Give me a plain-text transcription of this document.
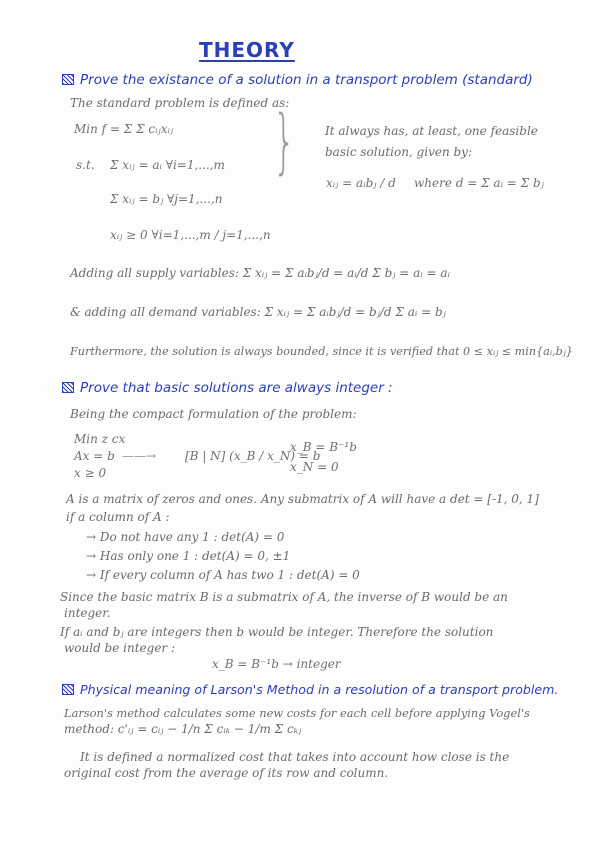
THEORY
Prove the existance of a solution in a transport problem (standard)
The standard problem is defined as:
Min f = Σ Σ cᵢⱼxᵢⱼ
s.t. Σ xᵢⱼ = aᵢ ∀i=1,...,m
Σ xᵢⱼ = bⱼ ∀j=1,...,n
xᵢⱼ ≥ 0 ∀i=1,...,m / j=1,...,n
} It always has, at least, one feasible
basic solution, given by:
xᵢⱼ = aᵢbⱼ / d where d = Σ aᵢ = Σ bⱼ
Adding all supply variables: Σ xᵢⱼ = Σ aᵢbⱼ/d = aᵢ/d Σ bⱼ = aᵢ = aᵢ
& adding all demand variables: Σ xᵢⱼ = Σ aᵢbⱼ/d = bⱼ/d Σ aᵢ = bⱼ
Furthermore, the solution is always bounded, since it is verified that 0 ≤ xᵢⱼ ≤ min{aᵢ,bⱼ}
Prove that basic solutions are always integer :
Being the compact formulation of the problem:
Min z cx
Ax = b
x ≥ 0
——→ [B | N] (x_B / x_N) = b
x_B = B⁻¹b
x_N = 0
A is a matrix of zeros and ones. Any submatrix of A will have a det = [-1, 0, 1]
if a column of A :
→ Do not have any 1 : det(A) = 0
→ Has only one 1 : det(A) = 0, ±1
→ If every column of A has two 1 : det(A) = 0
Since the basic matrix B is a submatrix of A, the inverse of B would be an
integer.
If aᵢ and bⱼ are integers then b would be integer. Therefore the solution
would be integer :
x_B = B⁻¹b → integer
Physical meaning of Larson's Method in a resolution of a transport problem.
Larson's method calculates some new costs for each cell before applying Vogel's
method: c'ᵢⱼ = cᵢⱼ − 1/n Σ cᵢₖ − 1/m Σ cₖⱼ
It is defined a normalized cost that takes into account how close is the
original cost from the average of its row and column.
